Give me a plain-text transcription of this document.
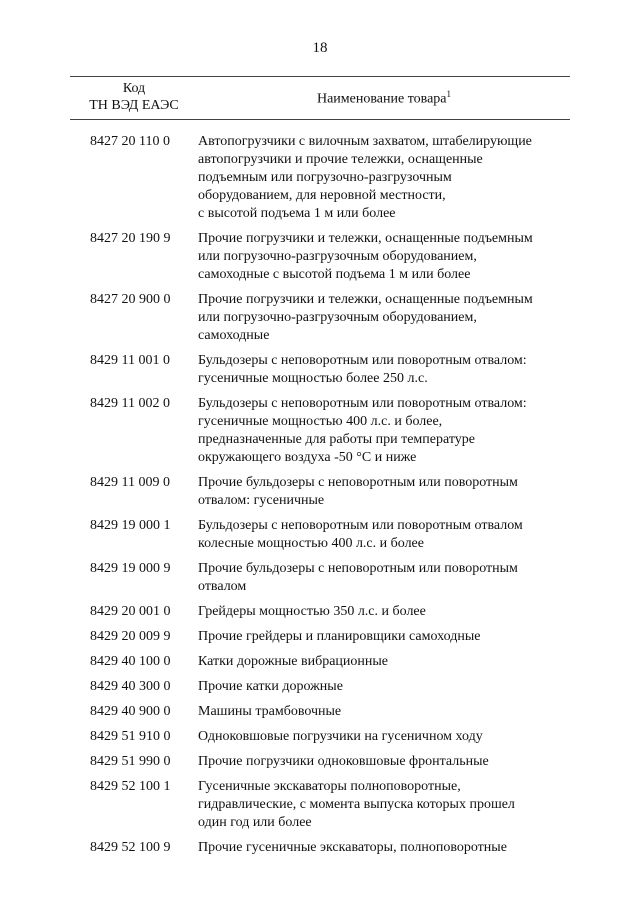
18
Код
ТН ВЭД ЕАЭС	Наименование товара$^1$
8427 20 110 0	Автопогрузчики с вилочным захватом, штабелирующие
автопогрузчики и прочие тележки, оснащенные
подъемным или погрузочно-разгрузочным
оборудованием, для неровной местности,
с высотой подъема 1 м или более
8427 20 190 9	Прочие погрузчики и тележки, оснащенные подъемным
или погрузочно-разгрузочным оборудованием,
самоходные с высотой подъема 1 м или более
8427 20 900 0	Прочие погрузчики и тележки, оснащенные подъемным
или погрузочно-разгрузочным оборудованием,
самоходные
8429 11 001 0	Бульдозеры с неповоротным или поворотным отвалом:
гусеничные мощностью более 250 л.с.
8429 11 002 0	Бульдозеры с неповоротным или поворотным отвалом:
гусеничные мощностью 400 л.с. и более,
предназначенные для работы при температуре
окружающего воздуха -50 °С и ниже
8429 11 009 0	Прочие бульдозеры с неповоротным или поворотным
отвалом: гусеничные
8429 19 000 1	Бульдозеры с неповоротным или поворотным отвалом
колесные мощностью 400 л.с. и более
8429 19 000 9	Прочие бульдозеры с неповоротным или поворотным
отвалом
8429 20 001 0	Грейдеры мощностью 350 л.с. и более
8429 20 009 9	Прочие грейдеры и планировщики самоходные
8429 40 100 0	Катки дорожные вибрационные
8429 40 300 0	Прочие катки дорожные
8429 40 900 0	Машины трамбовочные
8429 51 910 0	Одноковшовые погрузчики на гусеничном ходу
8429 51 990 0	Прочие погрузчики одноковшовые фронтальные
8429 52 100 1	Гусеничные экскаваторы полноповоротные,
гидравлические, с момента выпуска которых прошел
один год или более
8429 52 100 9	Прочие гусеничные экскаваторы, полноповоротные
